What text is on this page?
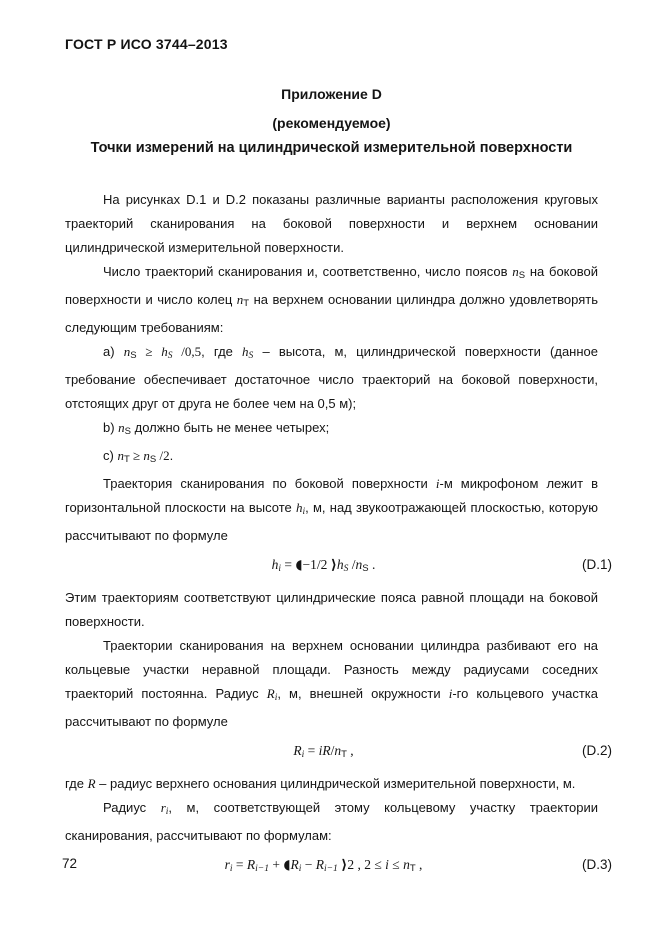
ГОСТ Р ИСО 3744–2013
Приложение D
(рекомендуемое)
Точки измерений на цилиндрической измерительной поверхности

На рисунках D.1 и D.2 показаны различные варианты расположения круговых траекторий сканирования на боковой поверхности и верхнем основании цилиндрической измерительной поверхности.

Число траекторий сканирования и, соответственно, число поясов nS на боковой поверхности и число колец nT на верхнем основании цилиндра должно удовлетворять следующим требованиям:

a) nS ≥ hS /0,5, где hS – высота, м, цилиндрической поверхности (данное требование обеспечивает достаточное число траекторий на боковой поверхности, отстоящих друг от друга не более чем на 0,5 м);

b) nS должно быть не менее четырех;

c) nT ≥ nS /2.

Траектория сканирования по боковой поверхности i-м микрофоном лежит в горизонтальной плоскости на высоте hi, м, над звукоотражающей плоскостью, которую рассчитывают по формуле

hi = ◖−1/2 ⟩hS /nS .	(D.1)

Этим траекториям соответствуют цилиндрические пояса равной площади на боковой поверхности.

Траектории сканирования на верхнем основании цилиндра разбивают его на кольцевые участки неравной площади. Разность между радиусами соседних траекторий постоянна. Радиус Ri, м, внешней окружности i-го кольцевого участка рассчитывают по формуле

Ri = iR/nT ,	(D.2)

где R – радиус верхнего основания цилиндрической измерительной поверхности, м.

Радиус ri, м, соответствующей этому кольцевому участку траектории сканирования, рассчитывают по формулам:

ri = Ri−1 + ◖Ri − Ri−1 ⟩2 , 2 ≤ i ≤ nT ,	(D.3)
72
